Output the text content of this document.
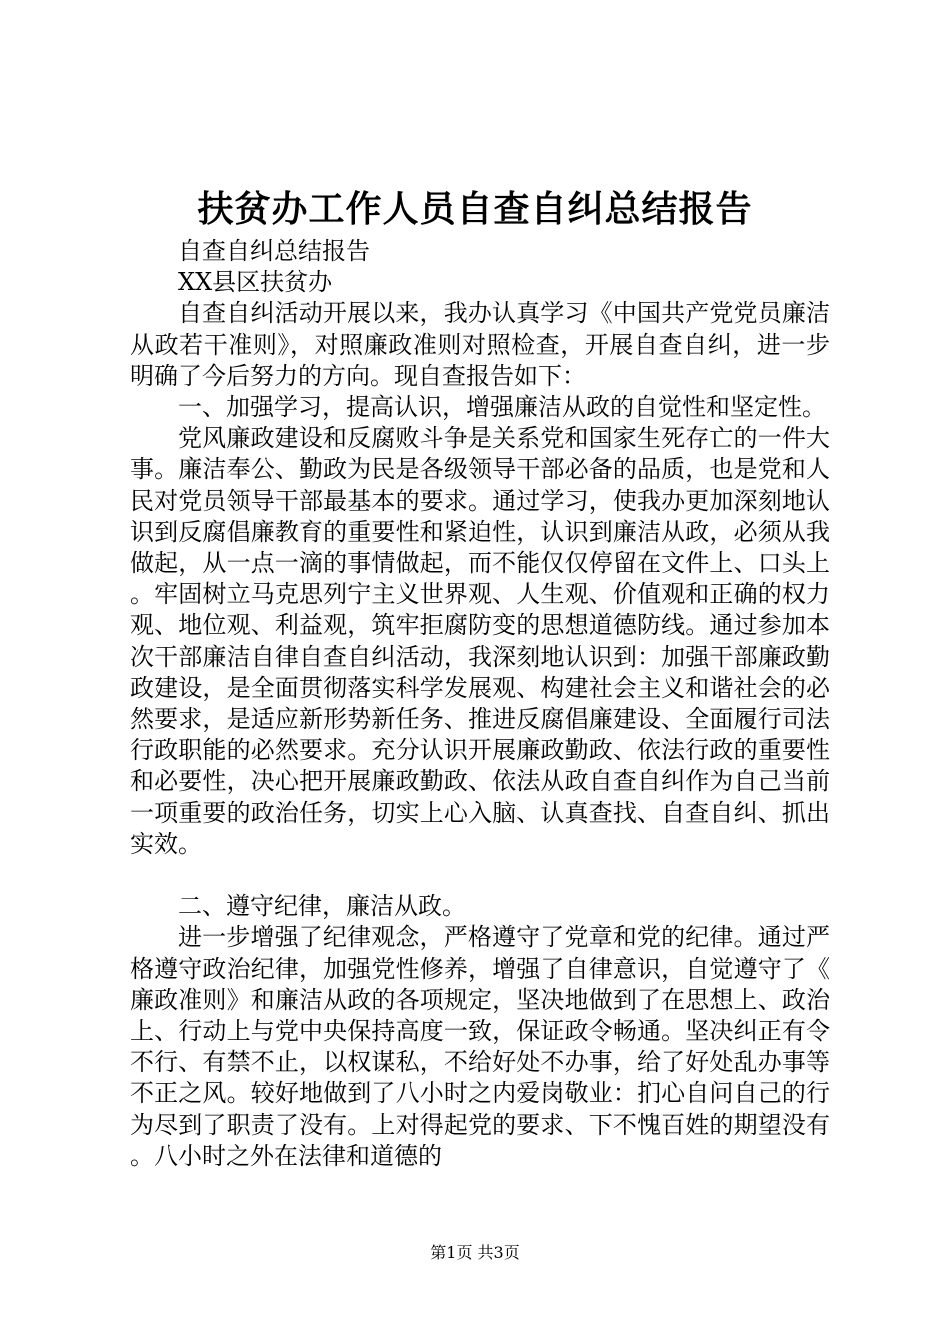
扶贫办工作人员自查自纠总结报告

自查自纠总结报告

XX县区扶贫办

自查自纠活动开展以来，我办认真学习《中国共产党党员廉洁从政若干准则》，对照廉政准则对照检查，开展自查自纠，进一步明确了今后努力的方向。现自查报告如下：

一、加强学习，提高认识，增强廉洁从政的自觉性和坚定性。

党风廉政建设和反腐败斗争是关系党和国家生死存亡的一件大事。廉洁奉公、勤政为民是各级领导干部必备的品质，也是党和人民对党员领导干部最基本的要求。通过学习，使我办更加深刻地认识到反腐倡廉教育的重要性和紧迫性，认识到廉洁从政，必须从我做起，从一点一滴的事情做起，而不能仅仅停留在文件上、口头上。牢固树立马克思列宁主义世界观、人生观、价值观和正确的权力观、地位观、利益观，筑牢拒腐防变的思想道德防线。通过参加本次干部廉洁自律自查自纠活动，我深刻地认识到：加强干部廉政勤政建设，是全面贯彻落实科学发展观、构建社会主义和谐社会的必然要求，是适应新形势新任务、推进反腐倡廉建设、全面履行司法行政职能的必然要求。充分认识开展廉政勤政、依法行政的重要性和必要性，决心把开展廉政勤政、依法从政自查自纠作为自己当前一项重要的政治任务，切实上心入脑、认真查找、自查自纠、抓出实效。

二、遵守纪律，廉洁从政。

进一步增强了纪律观念，严格遵守了党章和党的纪律。通过严格遵守政治纪律，加强党性修养，增强了自律意识，自觉遵守了《廉政准则》和廉洁从政的各项规定，坚决地做到了在思想上、政治上、行动上与党中央保持高度一致，保证政令畅通。坚决纠正有令不行、有禁不止，以权谋私，不给好处不办事，给了好处乱办事等不正之风。较好地做到了八小时之内爱岗敬业：扪心自问自己的行为尽到了职责了没有。上对得起党的要求、下不愧百姓的期望没有。八小时之外在法律和道德的

第1页 共3页
